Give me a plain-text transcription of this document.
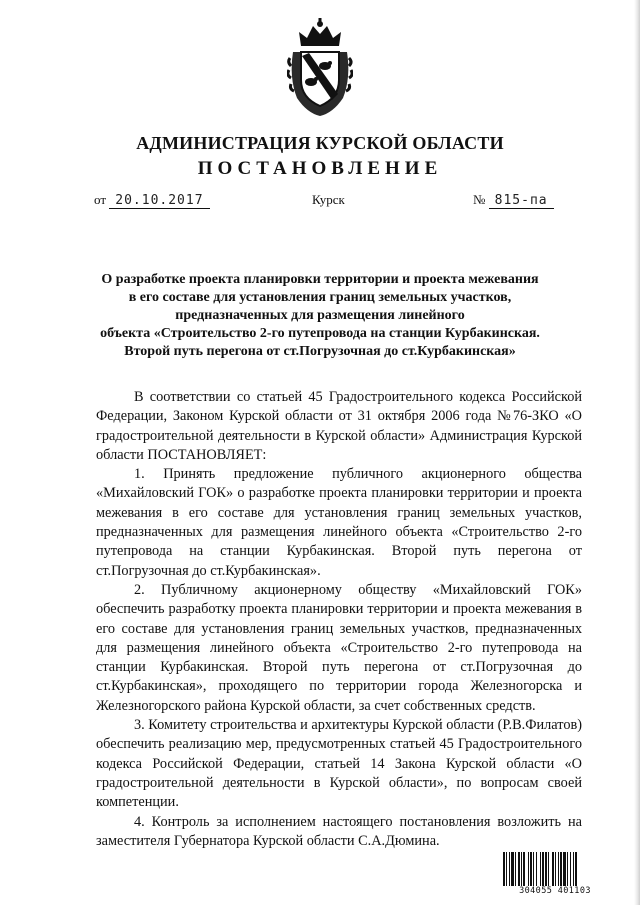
АДМИНИСТРАЦИЯ КУРСКОЙ ОБЛАСТИ
ПОСТАНОВЛЕНИЕ
от 20.10.2017	Курск	№ 815-па
О разработке проекта планировки территории и проекта межевания
в его составе для установления границ земельных участков,
предназначенных для размещения линейного
объекта «Строительство 2-го путепровода на станции Курбакинская.
Второй путь перегона от ст.Погрузочная до ст.Курбакинская»

В соответствии со статьей 45 Градостроительного кодекса Российской Федерации, Законом Курской области от 31 октября 2006 года №76-ЗКО «О градостроительной деятельности в Курской области» Администрация Курской области ПОСТАНОВЛЯЕТ:

1. Принять предложение публичного акционерного общества «Михайловский ГОК» о разработке проекта планировки территории и проекта межевания в его составе для установления границ земельных участков, предназначенных для размещения линейного объекта «Строительство 2-го путепровода на станции Курбакинская. Второй путь перегона от ст.Погрузочная до ст.Курбакинская».

2. Публичному акционерному обществу «Михайловский ГОК» обеспечить разработку проекта планировки территории и проекта межевания в его составе для установления границ земельных участков, предназначенных для размещения линейного объекта «Строительство 2-го путепровода на станции Курбакинская. Второй путь перегона от ст.Погрузочная до ст.Курбакинская», проходящего по территории города Железногорска и Железногорского района Курской области, за счет собственных средств.

3. Комитету строительства и архитектуры Курской области (Р.В.Филатов) обеспечить реализацию мер, предусмотренных статьей 45 Градостроительного кодекса Российской Федерации, статьей 14 Закона Курской области «О градостроительной деятельности в Курской области», по вопросам своей компетенции.

4. Контроль за исполнением настоящего постановления возложить на заместителя Губернатора Курской области С.А.Дюмина.

304055 401103
